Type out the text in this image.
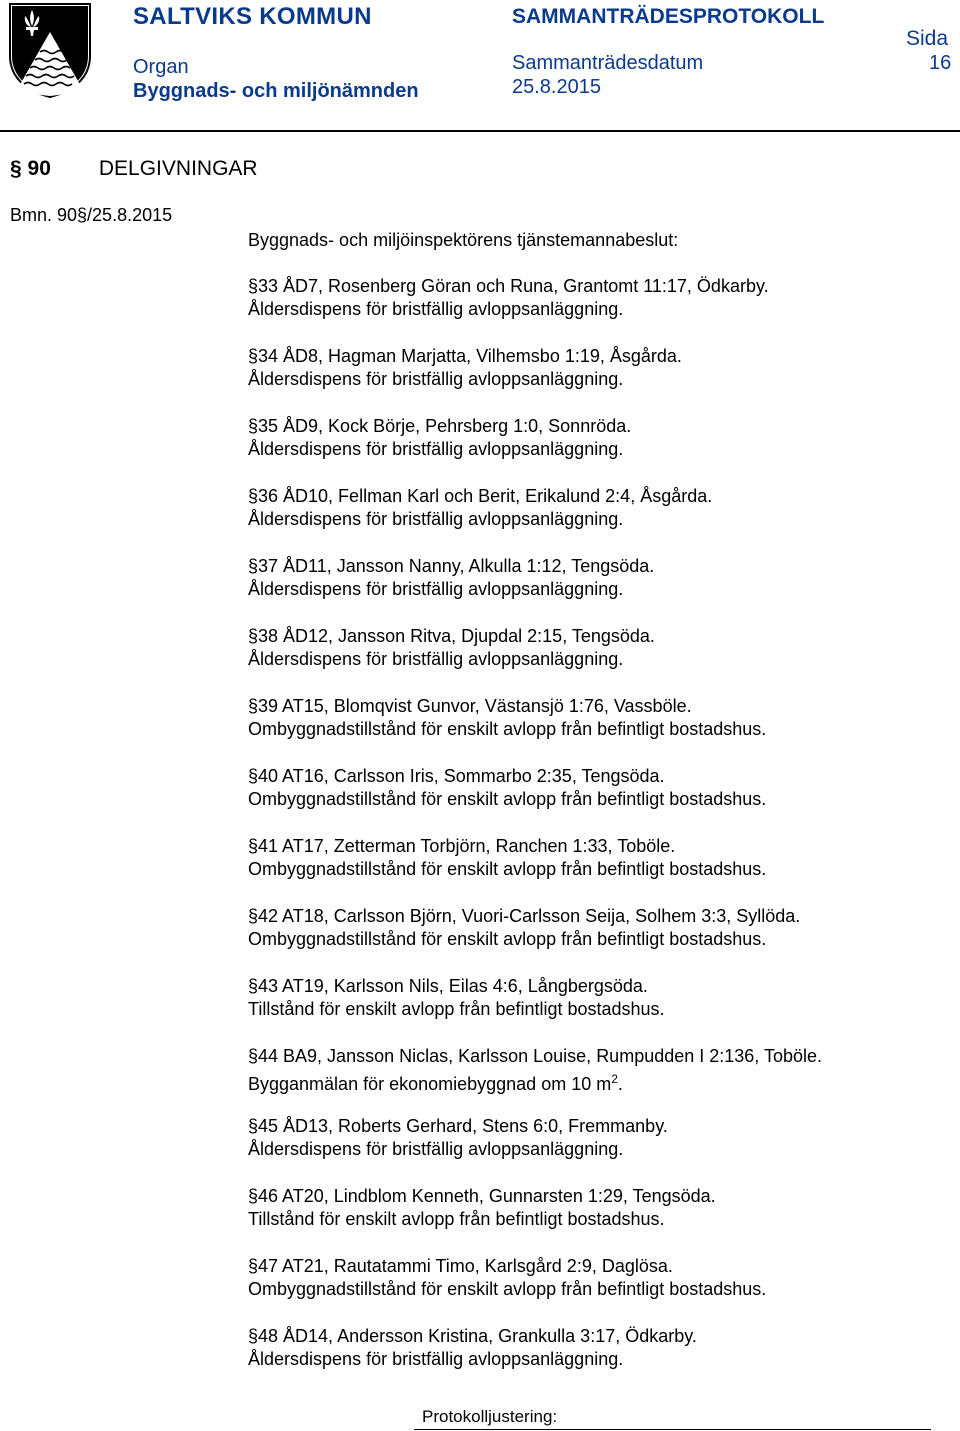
SALTVIKS KOMMUN	SAMMANTRÄDESPROTOKOLL
Sida
Organ
Byggnads- och miljönämnden
Sammanträdesdatum
25.8.2015
16
§ 90 DELGIVNINGAR
Bmn. 90§/25.8.2015
Byggnads- och miljöinspektörens tjänstemannabeslut:
§33 ÅD7, Rosenberg Göran och Runa, Grantomt 11:17, Ödkarby.
Åldersdispens för bristfällig avloppsanläggning.
§34 ÅD8, Hagman Marjatta, Vilhemsbo 1:19, Åsgårda.
Åldersdispens för bristfällig avloppsanläggning.
§35 ÅD9, Kock Börje, Pehrsberg 1:0, Sonnröda.
Åldersdispens för bristfällig avloppsanläggning.
§36 ÅD10, Fellman Karl och Berit, Erikalund 2:4, Åsgårda.
Åldersdispens för bristfällig avloppsanläggning.
§37 ÅD11, Jansson Nanny, Alkulla 1:12, Tengsöda.
Åldersdispens för bristfällig avloppsanläggning.
§38 ÅD12, Jansson Ritva, Djupdal 2:15, Tengsöda.
Åldersdispens för bristfällig avloppsanläggning.
§39 AT15, Blomqvist Gunvor, Västansjö 1:76, Vassböle.
Ombyggnadstillstånd för enskilt avlopp från befintligt bostadshus.
§40 AT16, Carlsson Iris, Sommarbo 2:35, Tengsöda.
Ombyggnadstillstånd för enskilt avlopp från befintligt bostadshus.
§41 AT17, Zetterman Torbjörn, Ranchen 1:33, Toböle.
Ombyggnadstillstånd för enskilt avlopp från befintligt bostadshus.
§42 AT18, Carlsson Björn, Vuori-Carlsson Seija, Solhem 3:3, Syllöda.
Ombyggnadstillstånd för enskilt avlopp från befintligt bostadshus.
§43 AT19, Karlsson Nils, Eilas 4:6, Långbergsöda.
Tillstånd för enskilt avlopp från befintligt bostadshus.
§44 BA9, Jansson Niclas, Karlsson Louise, Rumpudden I 2:136, Toböle.
Bygganmälan för ekonomiebyggnad om 10 $m^2$.
§45 ÅD13, Roberts Gerhard, Stens 6:0, Fremmanby.
Åldersdispens för bristfällig avloppsanläggning.
§46 AT20, Lindblom Kenneth, Gunnarsten 1:29, Tengsöda.
Tillstånd för enskilt avlopp från befintligt bostadshus.
§47 AT21, Rautatammi Timo, Karlsgård 2:9, Daglösa.
Ombyggnadstillstånd för enskilt avlopp från befintligt bostadshus.
§48 ÅD14, Andersson Kristina, Grankulla 3:17, Ödkarby.
Åldersdispens för bristfällig avloppsanläggning.
Protokolljustering:
